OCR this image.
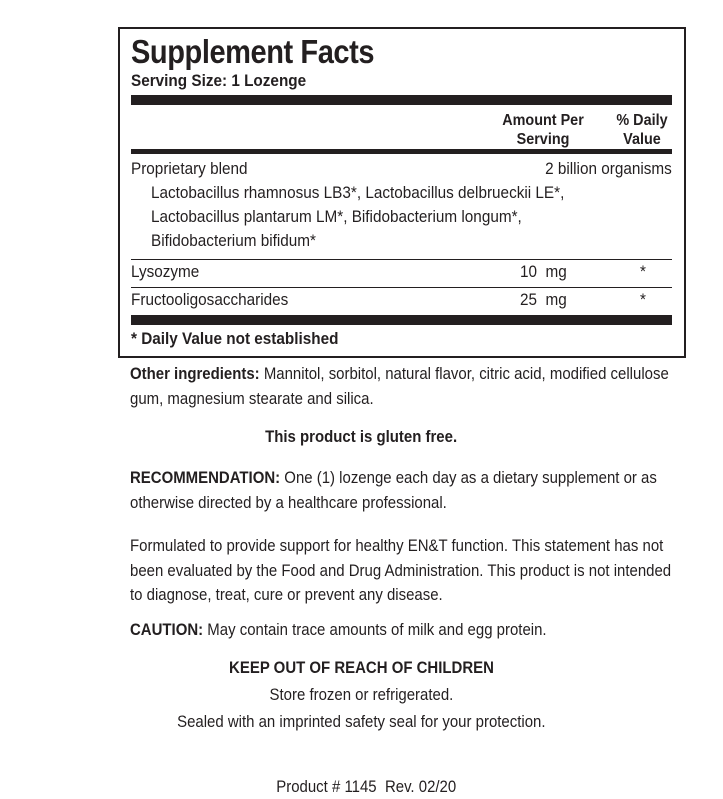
Supplement Facts
Serving Size: 1 Lozenge
Amount Per
Serving
% Daily
Value
Proprietary blend	2 billion organisms
Lactobacillus rhamnosus LB3*, Lactobacillus delbrueckii LE*,
Lactobacillus plantarum LM*, Bifidobacterium longum*,
Bifidobacterium bifidum*
Lysozyme	10  mg	*
Fructooligosaccharides	25  mg	*
* Daily Value not established

Other ingredients: Mannitol, sorbitol, natural flavor, citric acid, modified cellulose gum, magnesium stearate and silica.

This product is gluten free.

RECOMMENDATION: One (1) lozenge each day as a dietary supplement or as otherwise directed by a healthcare professional.

Formulated to provide support for healthy EN&T function. This statement has not been evaluated by the Food and Drug Administration. This product is not intended to diagnose, treat, cure or prevent any disease.

CAUTION: May contain trace amounts of milk and egg protein.

KEEP OUT OF REACH OF CHILDREN
Store frozen or refrigerated.
Sealed with an imprinted safety seal for your protection.

Product # 1145  Rev. 02/20
